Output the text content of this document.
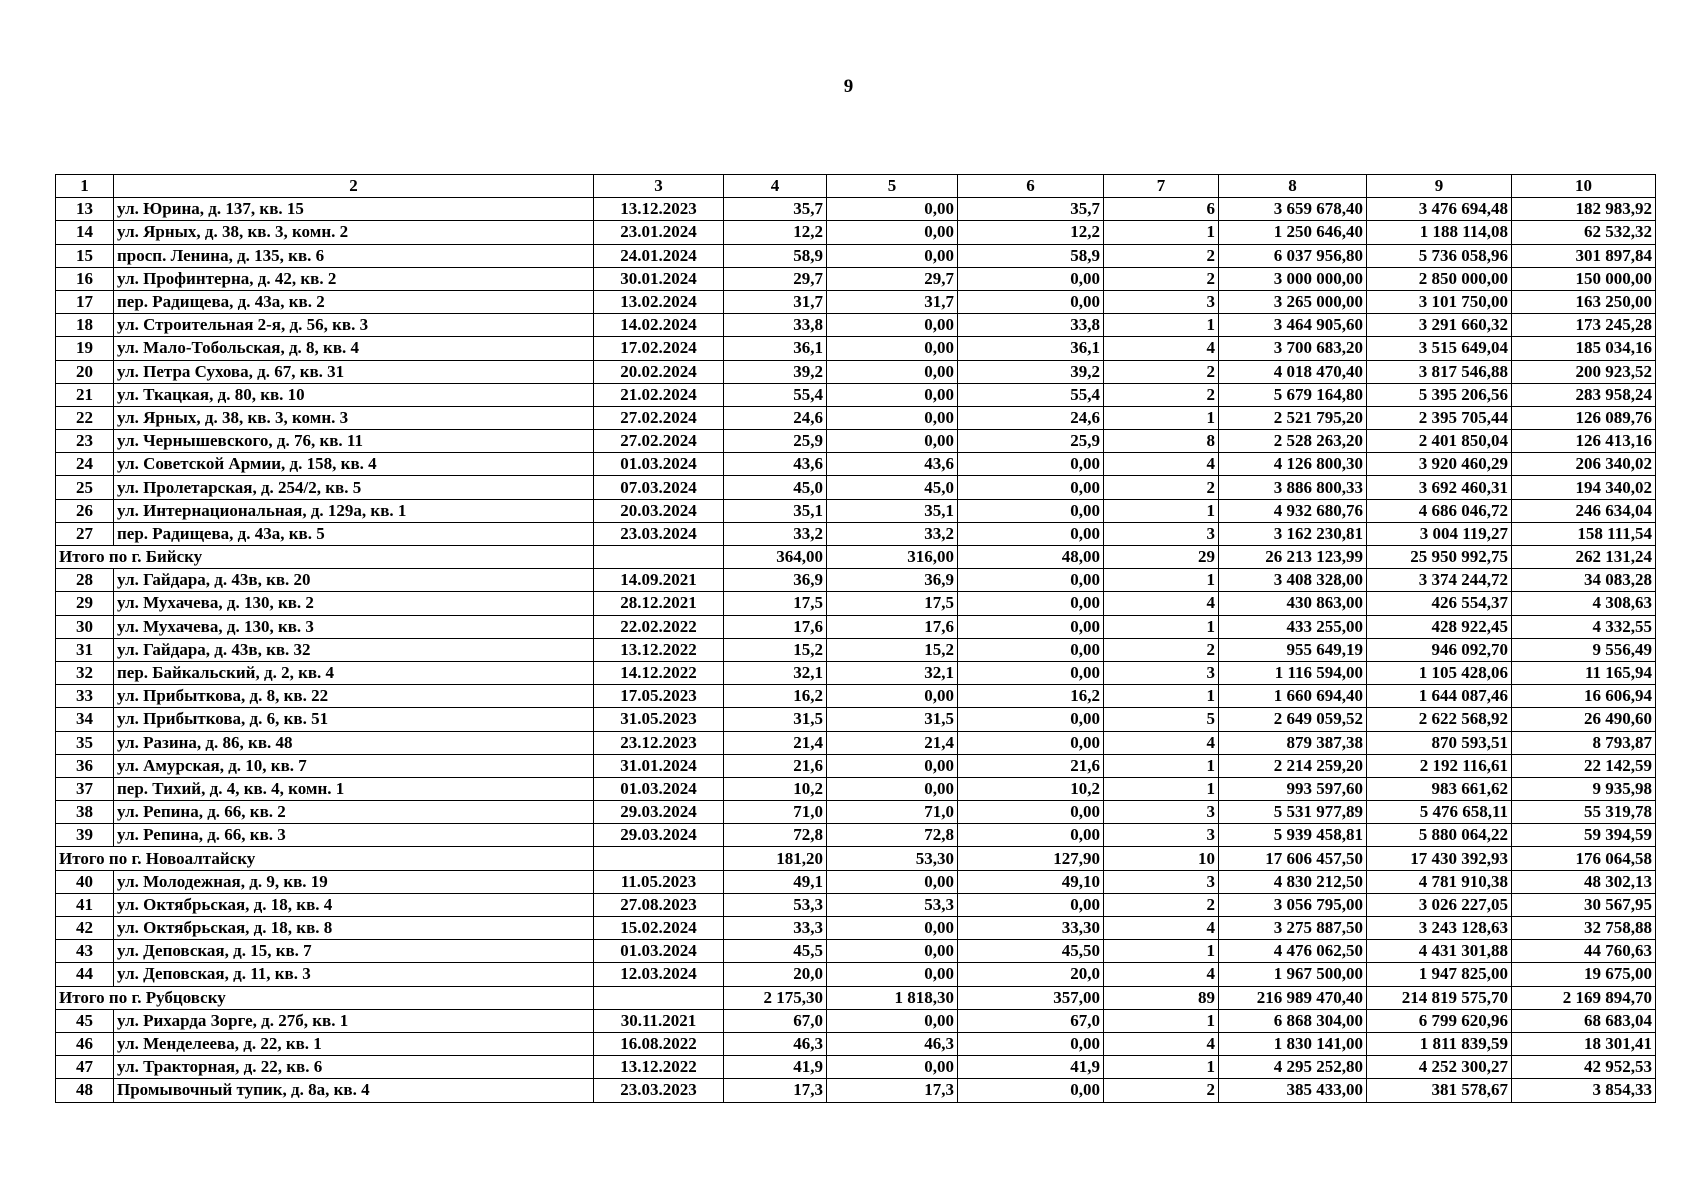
9
1	2	3	4	5	6	7	8	9	10
13	ул. Юрина, д. 137, кв. 15	13.12.2023	35,7	0,00	35,7	6	3 659 678,40	3 476 694,48	182 983,92
14	ул. Ярных, д. 38, кв. 3, комн. 2	23.01.2024	12,2	0,00	12,2	1	1 250 646,40	1 188 114,08	62 532,32
15	просп. Ленина, д. 135, кв. 6	24.01.2024	58,9	0,00	58,9	2	6 037 956,80	5 736 058,96	301 897,84
16	ул. Профинтерна, д. 42, кв. 2	30.01.2024	29,7	29,7	0,00	2	3 000 000,00	2 850 000,00	150 000,00
17	пер. Радищева, д. 43а, кв. 2	13.02.2024	31,7	31,7	0,00	3	3 265 000,00	3 101 750,00	163 250,00
18	ул. Строительная 2-я, д. 56, кв. 3	14.02.2024	33,8	0,00	33,8	1	3 464 905,60	3 291 660,32	173 245,28
19	ул. Мало-Тобольская, д. 8, кв. 4	17.02.2024	36,1	0,00	36,1	4	3 700 683,20	3 515 649,04	185 034,16
20	ул. Петра Сухова, д. 67, кв. 31	20.02.2024	39,2	0,00	39,2	2	4 018 470,40	3 817 546,88	200 923,52
21	ул. Ткацкая, д. 80, кв. 10	21.02.2024	55,4	0,00	55,4	2	5 679 164,80	5 395 206,56	283 958,24
22	ул. Ярных, д. 38, кв. 3, комн. 3	27.02.2024	24,6	0,00	24,6	1	2 521 795,20	2 395 705,44	126 089,76
23	ул. Чернышевского, д. 76, кв. 11	27.02.2024	25,9	0,00	25,9	8	2 528 263,20	2 401 850,04	126 413,16
24	ул. Советской Армии, д. 158, кв. 4	01.03.2024	43,6	43,6	0,00	4	4 126 800,30	3 920 460,29	206 340,02
25	ул. Пролетарская, д. 254/2, кв. 5	07.03.2024	45,0	45,0	0,00	2	3 886 800,33	3 692 460,31	194 340,02
26	ул. Интернациональная, д. 129а, кв. 1	20.03.2024	35,1	35,1	0,00	1	4 932 680,76	4 686 046,72	246 634,04
27	пер. Радищева, д. 43а, кв. 5	23.03.2024	33,2	33,2	0,00	3	3 162 230,81	3 004 119,27	158 111,54
Итого по г. Бийску			364,00	316,00	48,00	29	26 213 123,99	25 950 992,75	262 131,24
28	ул. Гайдара, д. 43в, кв. 20	14.09.2021	36,9	36,9	0,00	1	3 408 328,00	3 374 244,72	34 083,28
29	ул. Мухачева, д. 130, кв. 2	28.12.2021	17,5	17,5	0,00	4	430 863,00	426 554,37	4 308,63
30	ул. Мухачева, д. 130, кв. 3	22.02.2022	17,6	17,6	0,00	1	433 255,00	428 922,45	4 332,55
31	ул. Гайдара, д. 43в, кв. 32	13.12.2022	15,2	15,2	0,00	2	955 649,19	946 092,70	9 556,49
32	пер. Байкальский, д. 2, кв. 4	14.12.2022	32,1	32,1	0,00	3	1 116 594,00	1 105 428,06	11 165,94
33	ул. Прибыткова, д. 8, кв. 22	17.05.2023	16,2	0,00	16,2	1	1 660 694,40	1 644 087,46	16 606,94
34	ул. Прибыткова, д. 6, кв. 51	31.05.2023	31,5	31,5	0,00	5	2 649 059,52	2 622 568,92	26 490,60
35	ул. Разина, д. 86, кв. 48	23.12.2023	21,4	21,4	0,00	4	879 387,38	870 593,51	8 793,87
36	ул. Амурская, д. 10, кв. 7	31.01.2024	21,6	0,00	21,6	1	2 214 259,20	2 192 116,61	22 142,59
37	пер. Тихий, д. 4, кв. 4, комн. 1	01.03.2024	10,2	0,00	10,2	1	993 597,60	983 661,62	9 935,98
38	ул. Репина, д. 66, кв. 2	29.03.2024	71,0	71,0	0,00	3	5 531 977,89	5 476 658,11	55 319,78
39	ул. Репина, д. 66, кв. 3	29.03.2024	72,8	72,8	0,00	3	5 939 458,81	5 880 064,22	59 394,59
Итого по г. Новоалтайску			181,20	53,30	127,90	10	17 606 457,50	17 430 392,93	176 064,58
40	ул. Молодежная, д. 9, кв. 19	11.05.2023	49,1	0,00	49,10	3	4 830 212,50	4 781 910,38	48 302,13
41	ул. Октябрьская, д. 18, кв. 4	27.08.2023	53,3	53,3	0,00	2	3 056 795,00	3 026 227,05	30 567,95
42	ул. Октябрьская, д. 18, кв. 8	15.02.2024	33,3	0,00	33,30	4	3 275 887,50	3 243 128,63	32 758,88
43	ул. Деповская, д. 15, кв. 7	01.03.2024	45,5	0,00	45,50	1	4 476 062,50	4 431 301,88	44 760,63
44	ул. Деповская, д. 11, кв. 3	12.03.2024	20,0	0,00	20,0	4	1 967 500,00	1 947 825,00	19 675,00
Итого по г. Рубцовску			2 175,30	1 818,30	357,00	89	216 989 470,40	214 819 575,70	2 169 894,70
45	ул. Рихарда Зорге, д. 27б, кв. 1	30.11.2021	67,0	0,00	67,0	1	6 868 304,00	6 799 620,96	68 683,04
46	ул. Менделеева, д. 22, кв. 1	16.08.2022	46,3	46,3	0,00	4	1 830 141,00	1 811 839,59	18 301,41
47	ул. Тракторная, д. 22, кв. 6	13.12.2022	41,9	0,00	41,9	1	4 295 252,80	4 252 300,27	42 952,53
48	Промывочный тупик, д. 8а, кв. 4	23.03.2023	17,3	17,3	0,00	2	385 433,00	381 578,67	3 854,33
